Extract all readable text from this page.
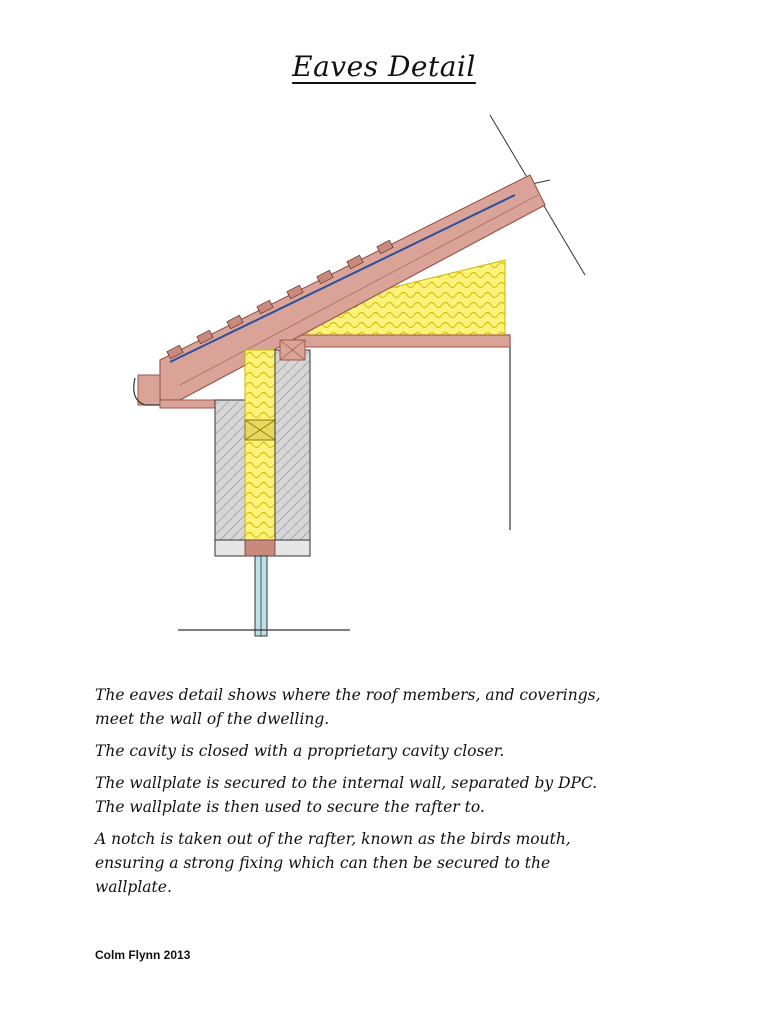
Eaves Detail

The eaves detail shows where the roof members, and coverings,
meet the wall of the dwelling.

The cavity is closed with a proprietary cavity closer.

The wallplate is secured to the internal wall, separated by DPC.
The wallplate is then used to secure the rafter to.

A notch is taken out of the rafter, known as the birds mouth,
ensuring a strong fixing which can then be secured to the
wallplate.

Colm Flynn 2013
